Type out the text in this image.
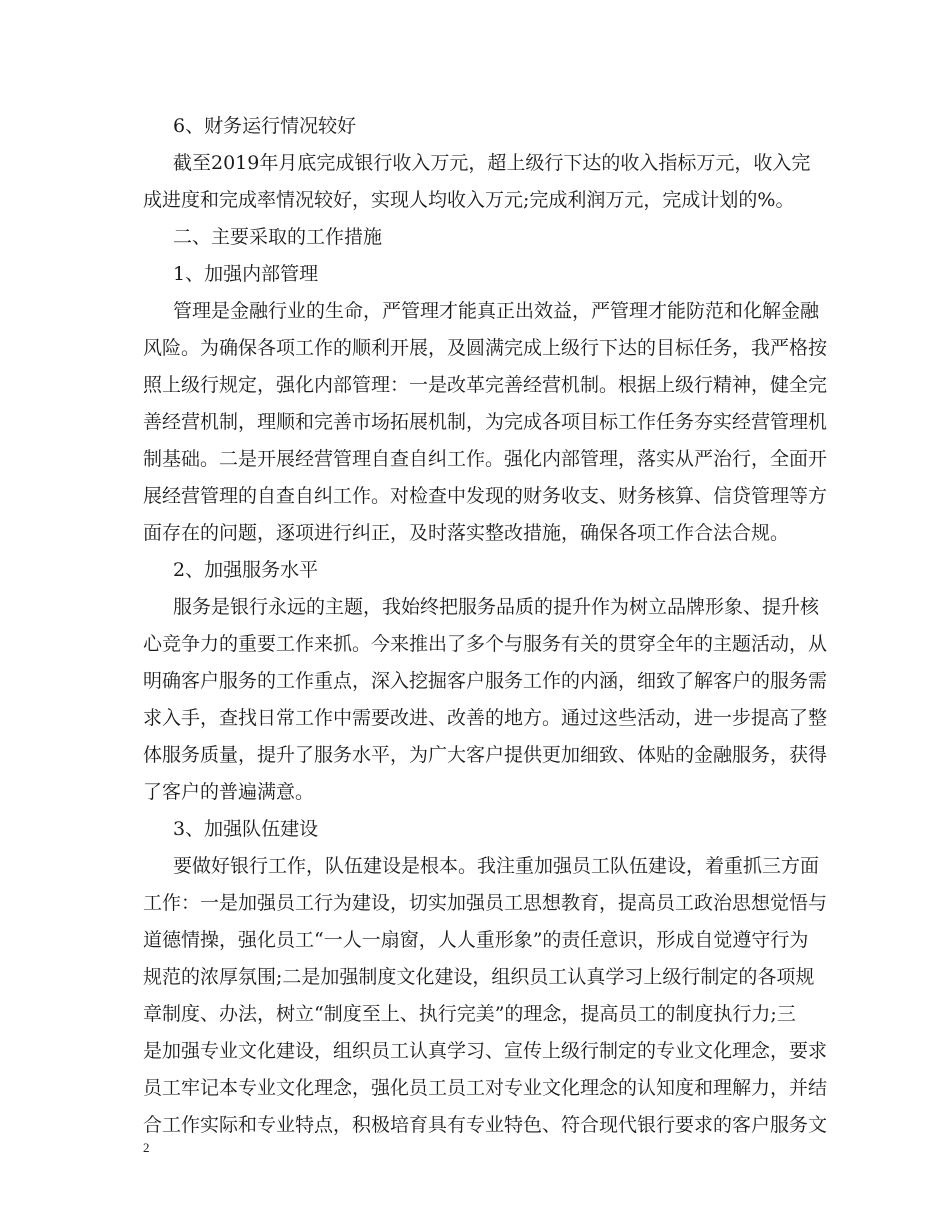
6、财务运行情况较好
截至2019年月底完成银行收入万元，超上级行下达的收入指标万元，收入完
成进度和完成率情况较好，实现人均收入万元;完成利润万元，完成计划的%。
二、主要采取的工作措施
1、加强内部管理
管理是金融行业的生命，严管理才能真正出效益，严管理才能防范和化解金融
风险。为确保各项工作的顺利开展，及圆满完成上级行下达的目标任务，我严格按
照上级行规定，强化内部管理：一是改革完善经营机制。根据上级行精神，健全完
善经营机制，理顺和完善市场拓展机制，为完成各项目标工作任务夯实经营管理机
制基础。二是开展经营管理自查自纠工作。强化内部管理，落实从严治行，全面开
展经营管理的自查自纠工作。对检查中发现的财务收支、财务核算、信贷管理等方
面存在的问题，逐项进行纠正，及时落实整改措施，确保各项工作合法合规。
2、加强服务水平
服务是银行永远的主题，我始终把服务品质的提升作为树立品牌形象、提升核
心竞争力的重要工作来抓。今来推出了多个与服务有关的贯穿全年的主题活动，从
明确客户服务的工作重点，深入挖掘客户服务工作的内涵，细致了解客户的服务需
求入手，查找日常工作中需要改进、改善的地方。通过这些活动，进一步提高了整
体服务质量，提升了服务水平，为广大客户提供更加细致、体贴的金融服务，获得
了客户的普遍满意。
3、加强队伍建设
要做好银行工作，队伍建设是根本。我注重加强员工队伍建设，着重抓三方面
工作：一是加强员工行为建设，切实加强员工思想教育，提高员工政治思想觉悟与
道德情操，强化员工“一人一扇窗，人人重形象”的责任意识，形成自觉遵守行为
规范的浓厚氛围;二是加强制度文化建设，组织员工认真学习上级行制定的各项规
章制度、办法，树立“制度至上、执行完美”的理念，提高员工的制度执行力;三
是加强专业文化建设，组织员工认真学习、宣传上级行制定的专业文化理念，要求
员工牢记本专业文化理念，强化员工员工对专业文化理念的认知度和理解力，并结
合工作实际和专业特点，积极培育具有专业特色、符合现代银行要求的客户服务文
2
